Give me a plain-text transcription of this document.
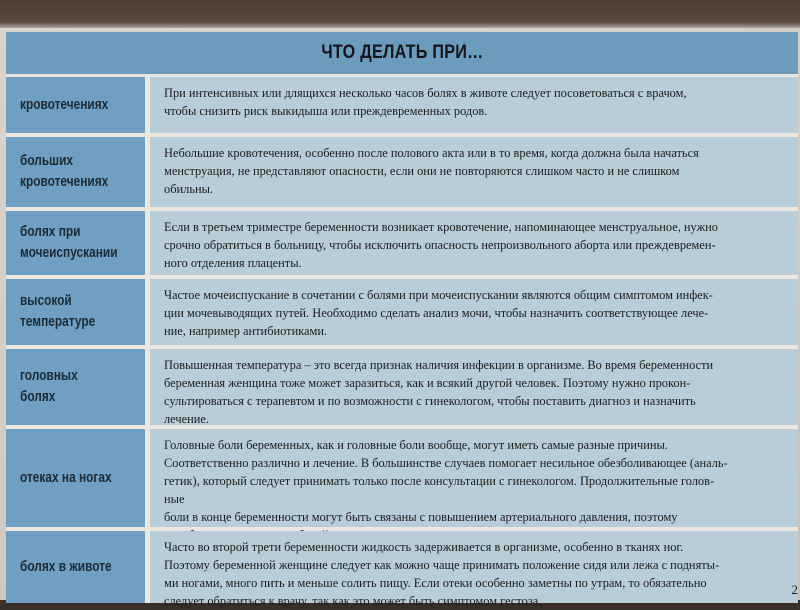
ЧТО ДЕЛАТЬ ПРИ…
кровотечениях
При интенсивных или длящихся несколько часов болях в животе следует посоветоваться с врачом,
чтобы снизить риск выкидыша или преждевременных родов.
больших
кровотечениях
Небольшие кровотечения, особенно после полового акта или в то время, когда должна была начаться
менструация, не представляют опасности, если они не повторяются слишком часто и не слишком
обильны.
болях при
мочеиспускании
Если в третьем триместре беременности возникает кровотечение, напоминающее менструальное, нужно
срочно обратиться в больницу, чтобы исключить опасность непроизвольного аборта или преждевремен-
ного отделения плаценты.
высокой
температуре
Частое мочеиспускание в сочетании с болями при мочеиспускании являются общим симптомом инфек-
ции мочевыводящих путей. Необходимо сделать анализ мочи, чтобы назначить соответствующее лече-
ние, например антибиотиками.
головных
болях
Повышенная температура – это всегда признак наличия инфекции в организме. Во время беременности
беременная женщина тоже может заразиться, как и всякий другой человек. Поэтому нужно прокон-
сультироваться с терапевтом и по возможности с гинекологом, чтобы поставить диагноз и назначить
лечение.
отеках на ногах
Головные боли беременных, как и головные боли вообще, могут иметь самые разные причины.
Соответственно различно и лечение. В большинстве случаев помогает несильное обезболивающее (аналь-
гетик), который следует принимать только после консультации с гинекологом. Продолжительные голов-
ные
боли в конце беременности могут быть связаны с повышением артериального давления, поэтому

болях в животе
Часто во второй трети беременности жидкость задерживается в организме, особенно в тканях ног.
Поэтому беременной женщине следует как можно чаще принимать положение сидя или лежа с подняты-
ми ногами, много пить и меньше солить пищу. Если отеки особенно заметны по утрам, то обязательно
следует обратиться к врачу, так как это может быть симптомом гестоза.
2
